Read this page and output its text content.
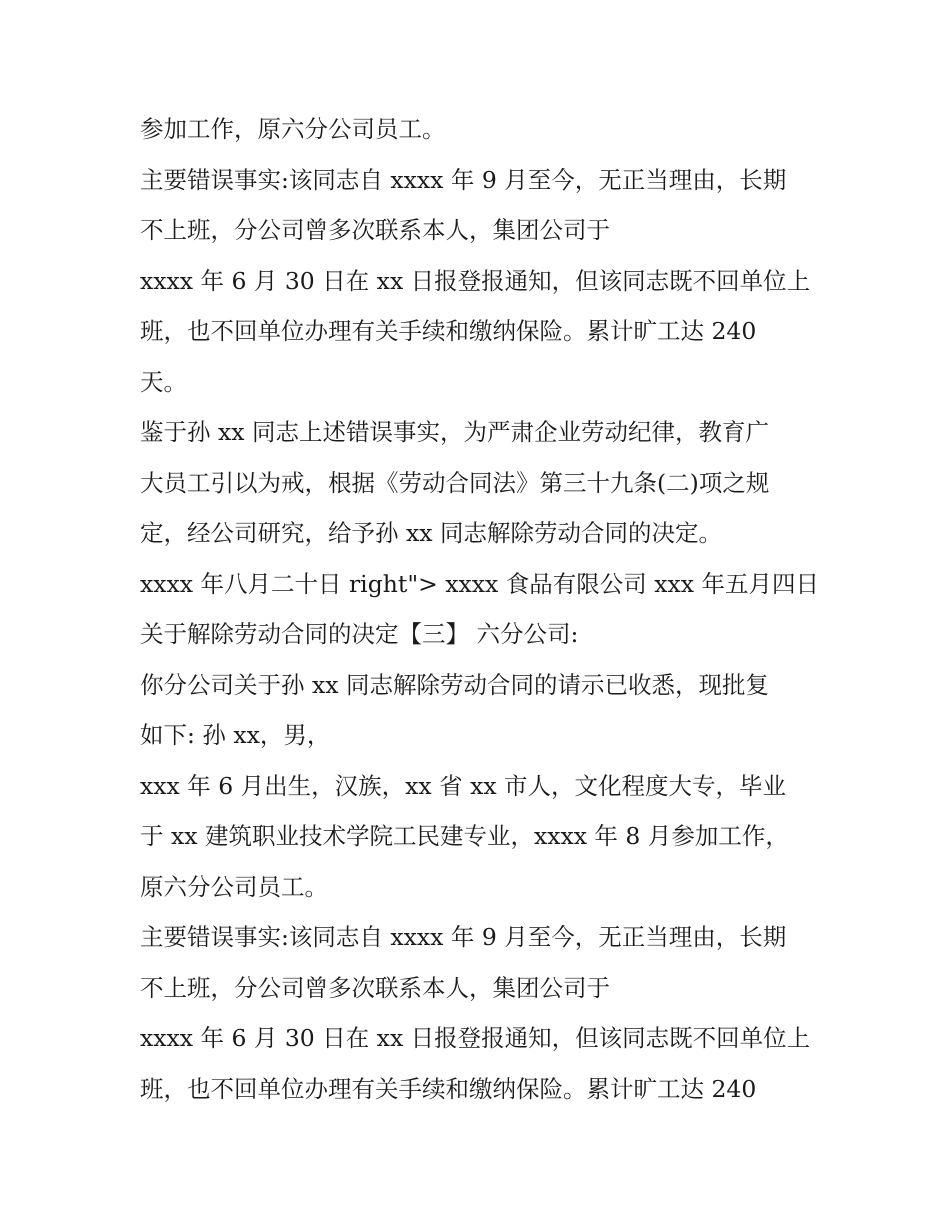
参加工作，原六分公司员工。
主要错误事实:该同志自 xxxx 年 9 月至今，无正当理由，长期
不上班，分公司曾多次联系本人，集团公司于
xxxx 年 6 月 30 日在 xx 日报登报通知，但该同志既不回单位上
班，也不回单位办理有关手续和缴纳保险。累计旷工达 240
天。
鉴于孙 xx 同志上述错误事实，为严肃企业劳动纪律，教育广
大员工引以为戒，根据《劳动合同法》第三十九条(二)项之规
定，经公司研究，给予孙 xx 同志解除劳动合同的决定。
xxxx 年八月二十日 right"> xxxx 食品有限公司 xxx 年五月四日
关于解除劳动合同的决定【三】 六分公司:
你分公司关于孙 xx 同志解除劳动合同的请示已收悉，现批复
如下: 孙 xx，男，
xxx 年 6 月出生，汉族，xx 省 xx 市人，文化程度大专，毕业
于 xx 建筑职业技术学院工民建专业，xxxx 年 8 月参加工作，
原六分公司员工。
主要错误事实:该同志自 xxxx 年 9 月至今，无正当理由，长期
不上班，分公司曾多次联系本人，集团公司于
xxxx 年 6 月 30 日在 xx 日报登报通知，但该同志既不回单位上
班，也不回单位办理有关手续和缴纳保险。累计旷工达 240
